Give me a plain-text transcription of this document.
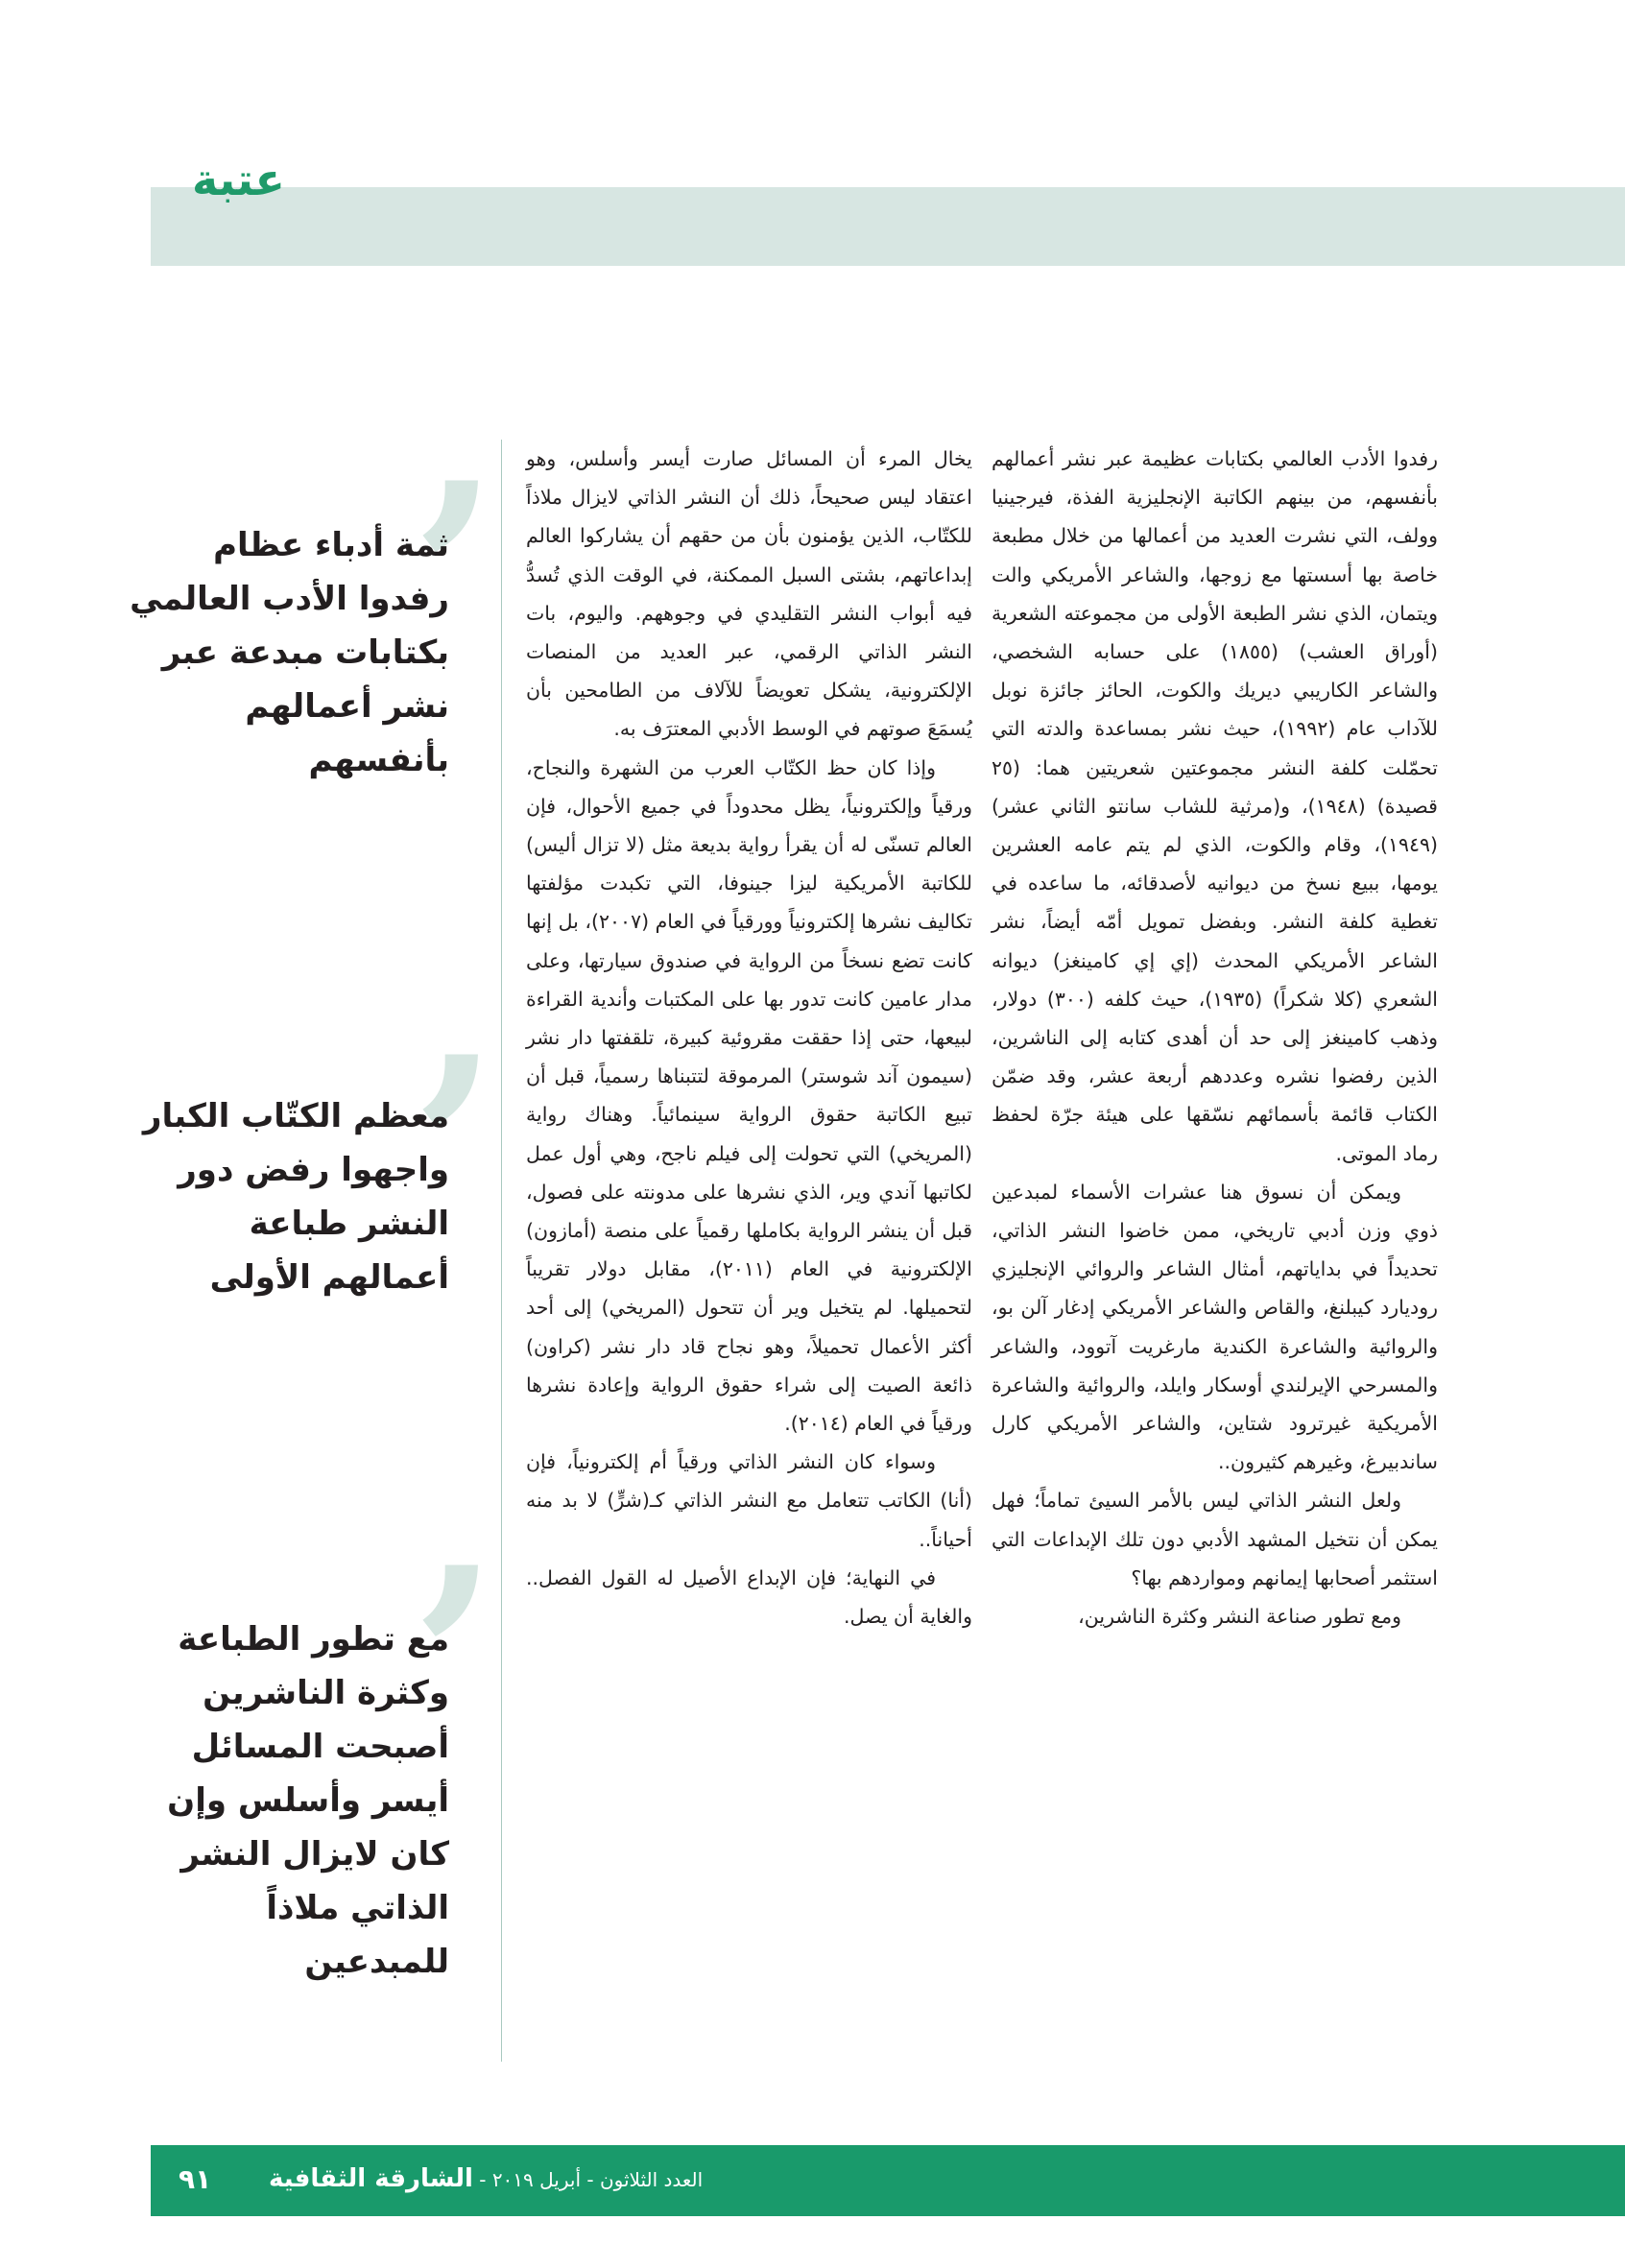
عتبة
’
ثمة أدباء عظام رفدوا الأدب العالمي بكتابات مبدعة عبر نشر أعمالهم بأنفسهم
’
معظم الكتّاب الكبار واجهوا رفض دور النشر طباعة أعمالهم الأولى
’
مع تطور الطباعة وكثرة الناشرين أصبحت المسائل أيسر وأسلس وإن كان لايزال النشر الذاتي ملاذاً للمبدعين

رفدوا الأدب العالمي بكتابات عظيمة عبر نشر أعمالهم بأنفسهم، من بينهم الكاتبة الإنجليزية الفذة، فيرجينيا وولف، التي نشرت العديد من أعمالها من خلال مطبعة خاصة بها أسستها مع زوجها، والشاعر الأمريكي والت ويتمان، الذي نشر الطبعة الأولى من مجموعته الشعرية (أوراق العشب) (١٨٥٥) على حسابه الشخصي، والشاعر الكاريبي ديريك والكوت، الحائز جائزة نوبل للآداب عام (١٩٩٢)، حيث نشر بمساعدة والدته التي تحمّلت كلفة النشر مجموعتين شعريتين هما: (٢٥ قصيدة) (١٩٤٨)، و(مرثية للشاب سانتو الثاني عشر) (١٩٤٩)، وقام والكوت، الذي لم يتم عامه العشرين يومها، ببيع نسخ من ديوانيه لأصدقائه، ما ساعده في تغطية كلفة النشر. وبفضل تمويل أمّه أيضاً، نشر الشاعر الأمريكي المحدث (إي إي كامينغز) ديوانه الشعري (كلا شكراً) (١٩٣٥)، حيث كلفه (٣٠٠) دولار، وذهب كامينغز إلى حد أن أهدى كتابه إلى الناشرين، الذين رفضوا نشره وعددهم أربعة عشر، وقد ضمّن الكتاب قائمة بأسمائهم نسّقها على هيئة جرّة لحفظ رماد الموتى.

ويمكن أن نسوق هنا عشرات الأسماء لمبدعين ذوي وزن أدبي تاريخي، ممن خاضوا النشر الذاتي، تحديداً في بداياتهم، أمثال الشاعر والروائي الإنجليزي روديارد كيبلنغ، والقاص والشاعر الأمريكي إدغار آلن بو، والروائية والشاعرة الكندية مارغريت آتوود، والشاعر والمسرحي الإيرلندي أوسكار وايلد، والروائية والشاعرة الأمريكية غيرترود شتاين، والشاعر الأمريكي كارل ساندبيرغ، وغيرهم كثيرون..

ولعل النشر الذاتي ليس بالأمر السيئ تماماً؛ فهل يمكن أن نتخيل المشهد الأدبي دون تلك الإبداعات التي استثمر أصحابها إيمانهم ومواردهم بها؟

ومع تطور صناعة النشر وكثرة الناشرين،

يخال المرء أن المسائل صارت أيسر وأسلس، وهو اعتقاد ليس صحيحاً، ذلك أن النشر الذاتي لايزال ملاذاً للكتّاب، الذين يؤمنون بأن من حقهم أن يشاركوا العالم إبداعاتهم، بشتى السبل الممكنة، في الوقت الذي تُسدُّ فيه أبواب النشر التقليدي في وجوههم. واليوم، بات النشر الذاتي الرقمي، عبر العديد من المنصات الإلكترونية، يشكل تعويضاً للآلاف من الطامحين بأن يُسمَعَ صوتهم في الوسط الأدبي المعترَف به.

وإذا كان حظ الكتّاب العرب من الشهرة والنجاح، ورقياً وإلكترونياً، يظل محدوداً في جميع الأحوال، فإن العالم تسنّى له أن يقرأ رواية بديعة مثل (لا تزال أليس) للكاتبة الأمريكية ليزا جينوفا، التي تكبدت مؤلفتها تكاليف نشرها إلكترونياً وورقياً في العام (٢٠٠٧)، بل إنها كانت تضع نسخاً من الرواية في صندوق سيارتها، وعلى مدار عامين كانت تدور بها على المكتبات وأندية القراءة لبيعها، حتى إذا حققت مقروئية كبيرة، تلقفتها دار نشر (سيمون آند شوستر) المرموقة لتتبناها رسمياً، قبل أن تبيع الكاتبة حقوق الرواية سينمائياً. وهناك رواية (المريخي) التي تحولت إلى فيلم ناجح، وهي أول عمل لكاتبها آندي وير، الذي نشرها على مدونته على فصول، قبل أن ينشر الرواية بكاملها رقمياً على منصة (أمازون) الإلكترونية في العام (٢٠١١)، مقابل دولار تقريباً لتحميلها. لم يتخيل وير أن تتحول (المريخي) إلى أحد أكثر الأعمال تحميلاً، وهو نجاح قاد دار نشر (كراون) ذائعة الصيت إلى شراء حقوق الرواية وإعادة نشرها ورقياً في العام (٢٠١٤).

وسواء كان النشر الذاتي ورقياً أم إلكترونياً، فإن (أنا) الكاتب تتعامل مع النشر الذاتي كـ(شرٍّ) لا بد منه أحياناً..

في النهاية؛ فإن الإبداع الأصيل له القول الفصل.. والغاية أن يصل.

العدد الثلاثون - أبريل ٢٠١٩ - الشارقة الثقافية
٩١
